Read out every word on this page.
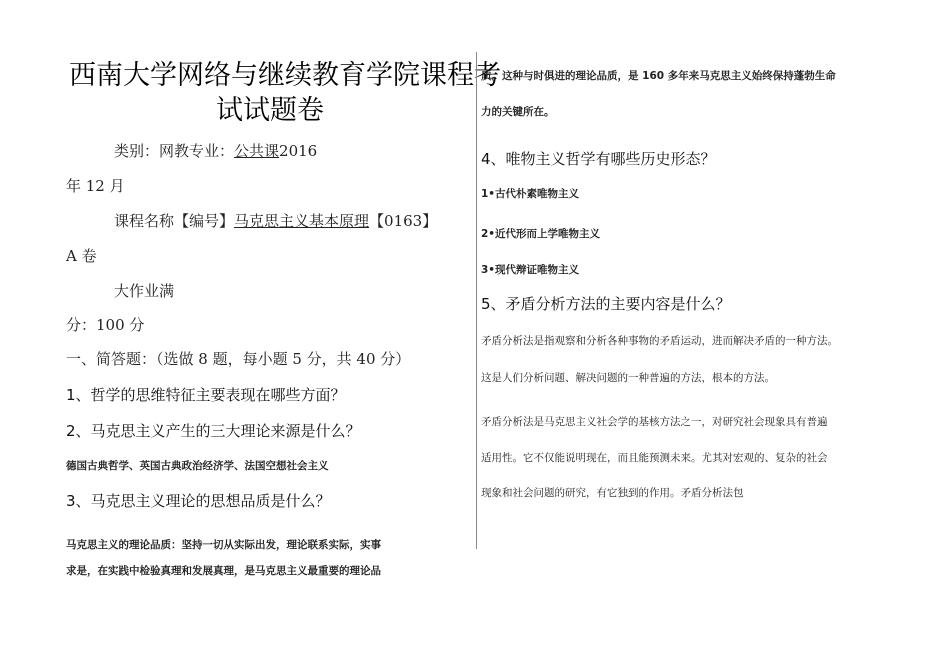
西南大学网络与继续教育学院课程考
试试题卷
类别：网教专业：公共课2016
年 12 月
课程名称【编号】马克思主义基本原理【0163】
A 卷
大作业满
分：100 分
一、简答题：（选做 8 题，每小题 5 分，共 40 分）
1、哲学的思维特征主要表现在哪些方面？
2、马克思主义产生的三大理论来源是什么？
德国古典哲学、英国古典政治经济学、法国空想社会主义
3、马克思主义理论的思想品质是什么？
马克思主义的理论品质：坚持一切从实际出发，理论联系实际，实事
求是，在实践中检验真理和发展真理，是马克思主义最重要的理论品
质。这种与时俱进的理论品质，是 160 多年来马克思主义始终保持蓬勃生命
力的关键所在。
4、唯物主义哲学有哪些历史形态？
1•古代朴素唯物主义
2•近代形而上学唯物主义
3•现代辩证唯物主义
5、矛盾分析方法的主要内容是什么？
矛盾分析法是指观察和分析各种事物的矛盾运动，进而解决矛盾的一种方法。
这是人们分析问题、解决问题的一种普遍的方法，根本的方法。
矛盾分析法是马克思主义社会学的基核方法之一，对研究社会现象具有普遍
适用性。它不仅能说明现在，而且能预测未来。尤其对宏观的、复杂的社会
现象和社会问题的研究，有它独到的作用。矛盾分析法包
